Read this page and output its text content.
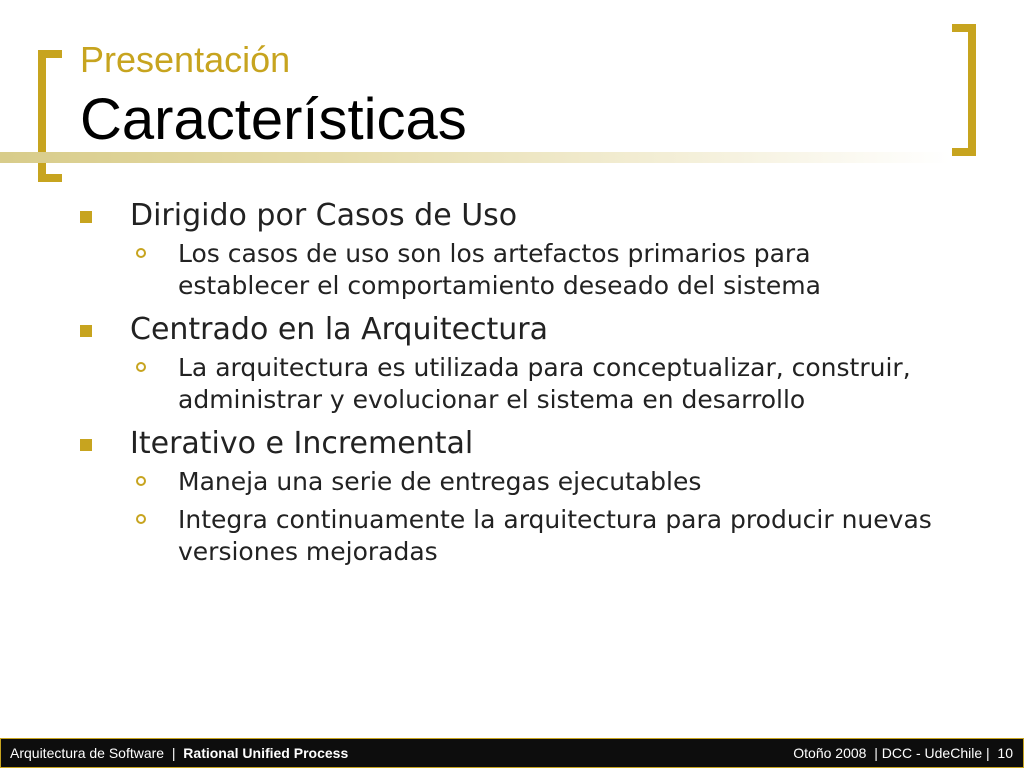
Presentación
Características
Dirigido por Casos de Uso
Los casos de uso son los artefactos primarios para establecer el comportamiento deseado del sistema
Centrado en la Arquitectura
La arquitectura es utilizada para conceptualizar, construir, administrar y evolucionar el sistema en desarrollo
Iterativo e Incremental
Maneja una serie de entregas ejecutables
Integra continuamente la arquitectura para producir nuevas versiones mejoradas
Arquitectura de Software | Rational Unified Process	Otoño 2008 | DCC - UdeChile | 10
